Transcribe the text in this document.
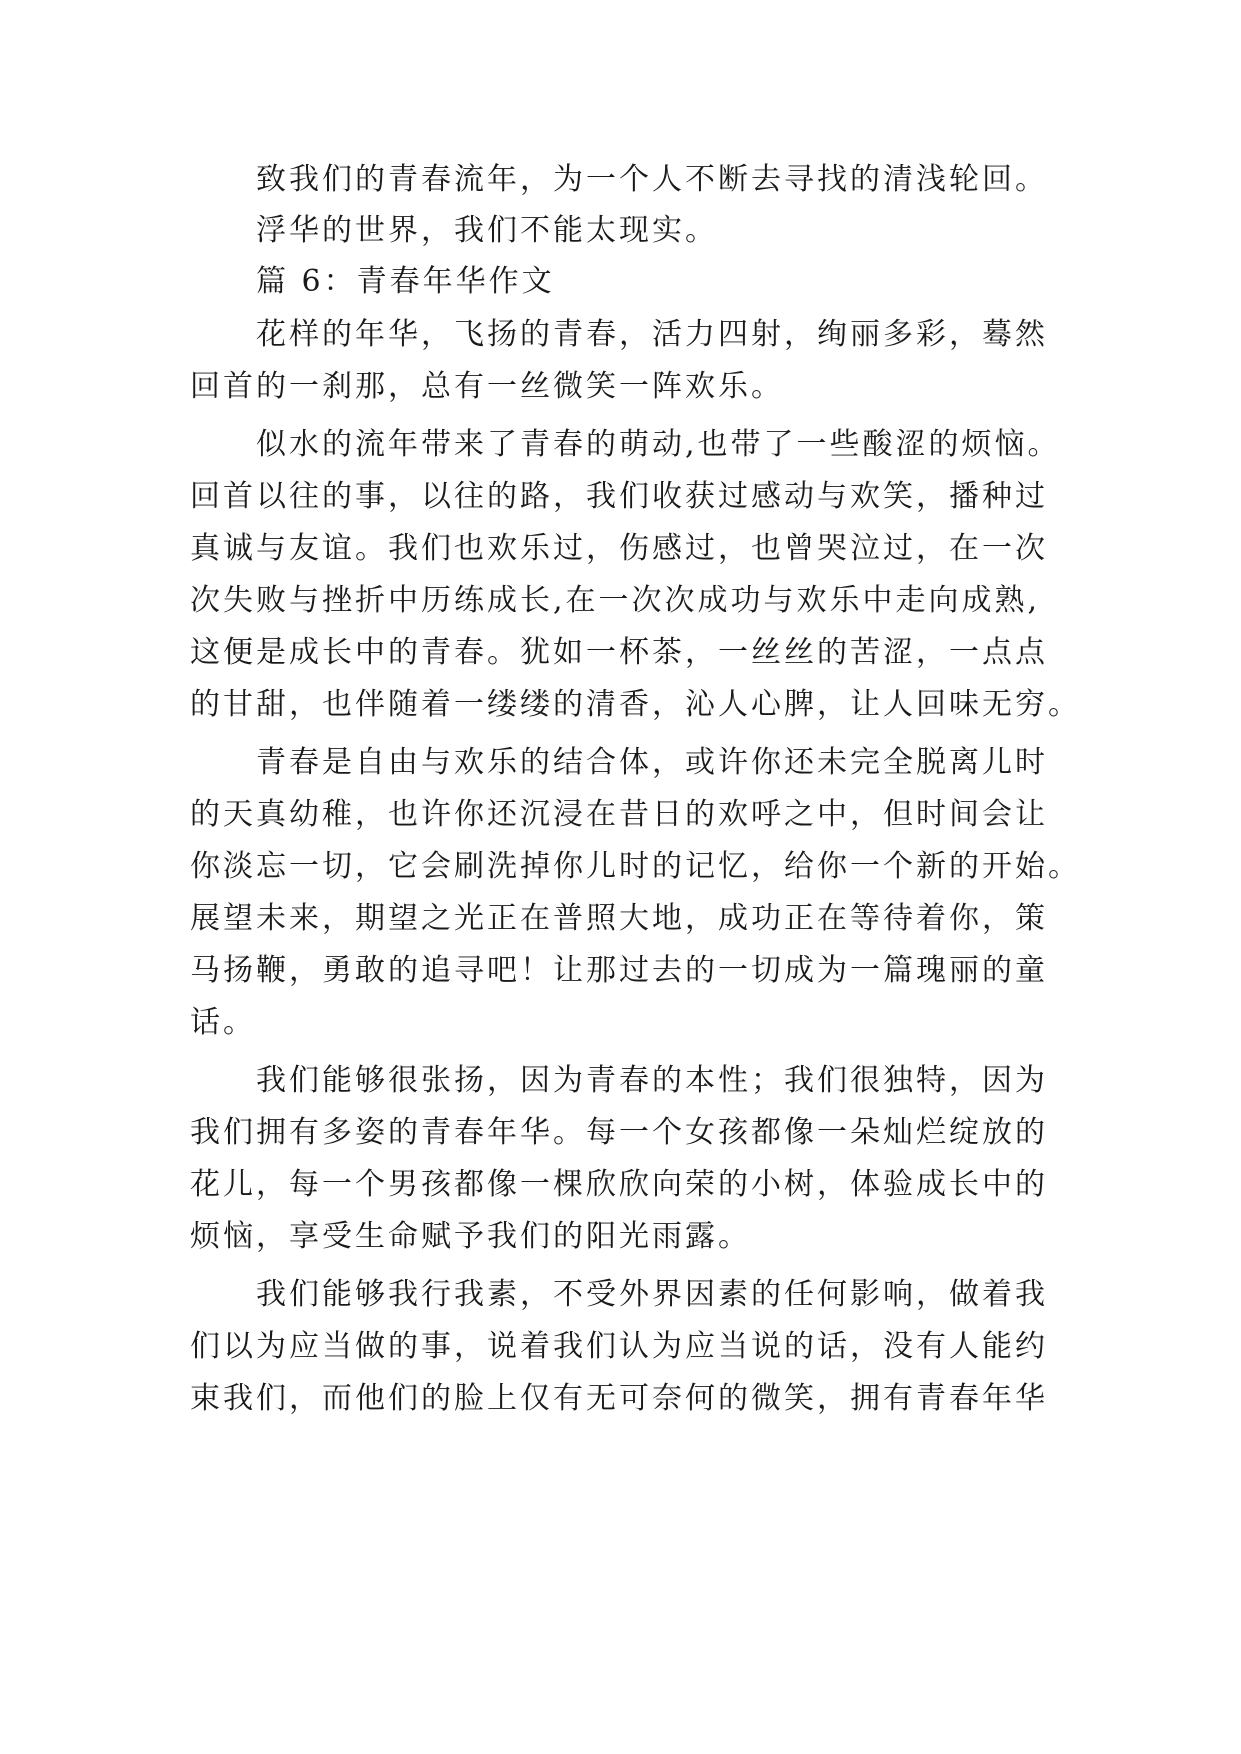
致我们的青春流年，为一个人不断去寻找的清浅轮回。
浮华的世界，我们不能太现实。
篇 6：青春年华作文
花样的年华，飞扬的青春，活力四射，绚丽多彩，蓦然
回首的一刹那，总有一丝微笑一阵欢乐。
似水的流年带来了青春的萌动,也带了一些酸涩的烦恼。
回首以往的事，以往的路，我们收获过感动与欢笑，播种过
真诚与友谊。我们也欢乐过，伤感过，也曾哭泣过，在一次
次失败与挫折中历练成长,在一次次成功与欢乐中走向成熟,
这便是成长中的青春。犹如一杯茶，一丝丝的苦涩，一点点
的甘甜，也伴随着一缕缕的清香，沁人心脾，让人回味无穷。
青春是自由与欢乐的结合体，或许你还未完全脱离儿时
的天真幼稚，也许你还沉浸在昔日的欢呼之中，但时间会让
你淡忘一切，它会刷洗掉你儿时的记忆，给你一个新的开始。
展望未来，期望之光正在普照大地，成功正在等待着你，策
马扬鞭，勇敢的追寻吧！让那过去的一切成为一篇瑰丽的童
话。
我们能够很张扬，因为青春的本性；我们很独特，因为
我们拥有多姿的青春年华。每一个女孩都像一朵灿烂绽放的
花儿，每一个男孩都像一棵欣欣向荣的小树，体验成长中的
烦恼，享受生命赋予我们的阳光雨露。
我们能够我行我素，不受外界因素的任何影响，做着我
们以为应当做的事，说着我们认为应当说的话，没有人能约
束我们，而他们的脸上仅有无可奈何的微笑，拥有青春年华
